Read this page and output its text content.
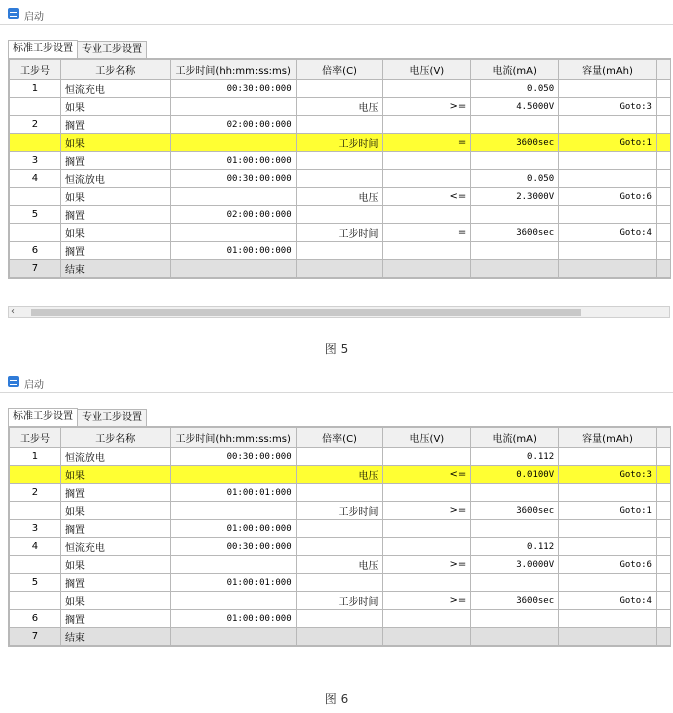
启动
标准工步设置 专业工步设置
工步号	工步名称	工步时间(hh:mm:ss:ms)	倍率(C)	电压(V)	电流(mA)	容量(mAh)	
1	恒流充电	00:30:00:000			0.050		
	如果		电压	>=	4.5000V	Goto:3	
2	搁置	02:00:00:000					
	如果		工步时间	=	3600sec	Goto:1	
3	搁置	01:00:00:000					
4	恒流放电	00:30:00:000			0.050		
	如果		电压	<=	2.3000V	Goto:6	
5	搁置	02:00:00:000					
	如果		工步时间	=	3600sec	Goto:4	
6	搁置	01:00:00:000					
7	结束						
‹
图 5
启动
标准工步设置 专业工步设置
工步号	工步名称	工步时间(hh:mm:ss:ms)	倍率(C)	电压(V)	电流(mA)	容量(mAh)	
1	恒流放电	00:30:00:000			0.112		
	如果		电压	<=	0.0100V	Goto:3	
2	搁置	01:00:01:000					
	如果		工步时间	>=	3600sec	Goto:1	
3	搁置	01:00:00:000					
4	恒流充电	00:30:00:000			0.112		
	如果		电压	>=	3.0000V	Goto:6	
5	搁置	01:00:01:000					
	如果		工步时间	>=	3600sec	Goto:4	
6	搁置	01:00:00:000					
7	结束						
图 6
